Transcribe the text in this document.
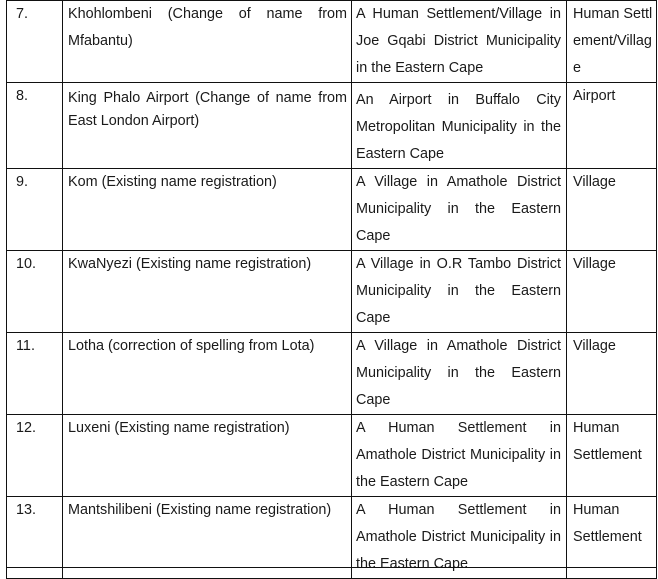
7.	Khohlombeni (Change of name from Mfabantu)	A Human Settlement/Village in Joe Gqabi District Municipality in the Eastern Cape	Human Settlement/Village
8.	King Phalo Airport (Change of name from East London Airport)	An Airport in Buffalo City Metropolitan Municipality in the Eastern Cape	Airport
9.	Kom (Existing name registration)	A Village in Amathole District Municipality in the Eastern Cape	Village
10.	KwaNyezi (Existing name registration)	A Village in O.R Tambo District Municipality in the Eastern Cape	Village
11.	Lotha (correction of spelling from Lota)	A Village in Amathole District Municipality in the Eastern Cape	Village
12.	Luxeni (Existing name registration)	A Human Settlement in Amathole District Municipality in the Eastern Cape	Human Settlement
13.	Mantshilibeni (Existing name registration)	A Human Settlement in Amathole District Municipality in the Eastern Cape	Human Settlement
